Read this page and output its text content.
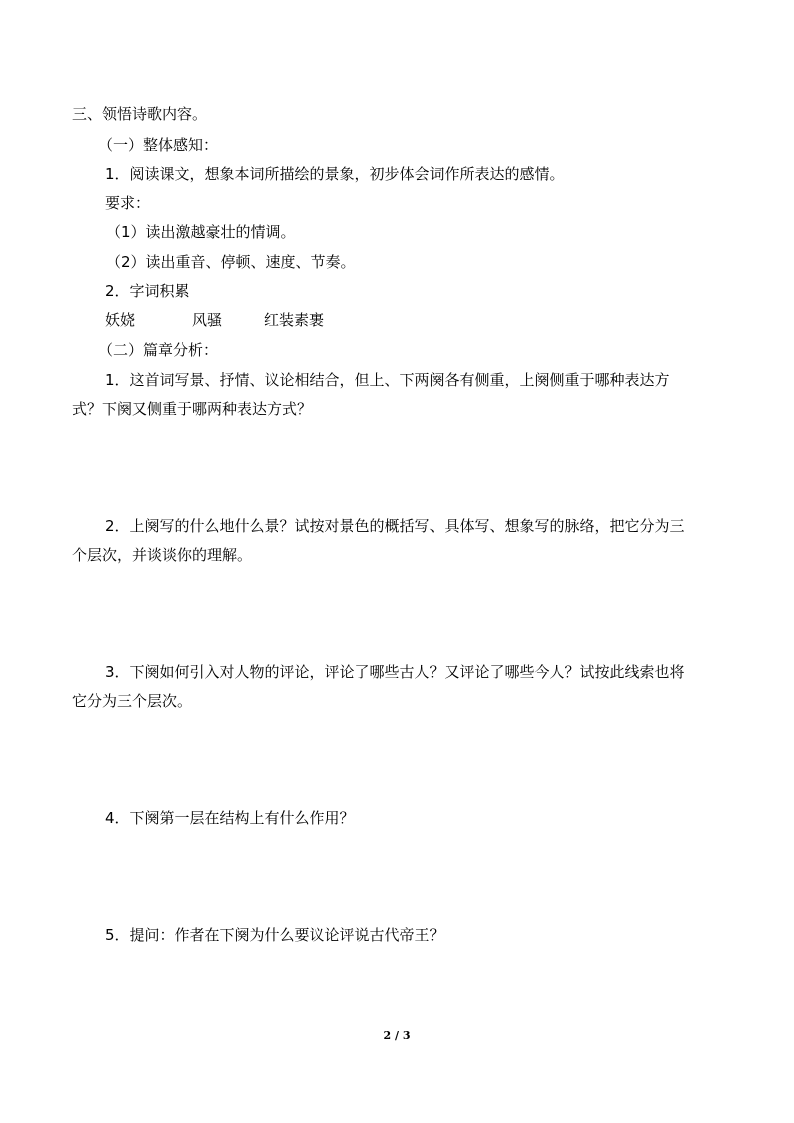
三、领悟诗歌内容。
（一）整体感知：
1．阅读课文，想象本词所描绘的景象，初步体会词作所表达的感情。
要求：
（1）读出激越豪壮的情调。
（2）读出重音、停顿、速度、节奏。
2．字词积累
妖娆	风骚	红装素裹
（二）篇章分析：
1．这首词写景、抒情、议论相结合，但上、下两阕各有侧重，上阕侧重于哪种表达方
式？下阕又侧重于哪两种表达方式？
2．上阕写的什么地什么景？试按对景色的概括写、具体写、想象写的脉络，把它分为三
个层次，并谈谈你的理解。
3．下阕如何引入对人物的评论，评论了哪些古人？又评论了哪些今人？试按此线索也将
它分为三个层次。
4．下阕第一层在结构上有什么作用？
5．提问：作者在下阕为什么要议论评说古代帝王？
2 / 3
